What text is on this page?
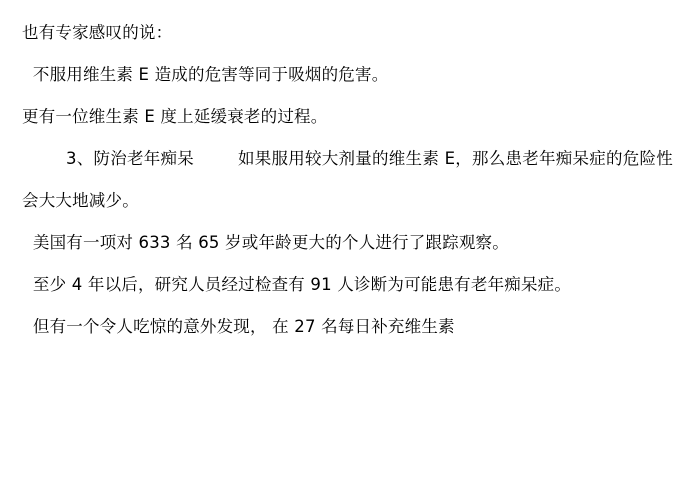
也有专家感叹的说：
不服用维生素 E 造成的危害等同于吸烟的危害。
更有一位维生素 E 度上延缓衰老的过程。
3、防治老年痴呆        如果服用较大剂量的维生素 E，那么患老年痴呆症的危险性会大大地减少。
美国有一项对 633 名 65 岁或年龄更大的个人进行了跟踪观察。
至少 4 年以后，研究人员经过检查有 91 人诊断为可能患有老年痴呆症。
但有一个令人吃惊的意外发现， 在 27 名每日补充维生素
